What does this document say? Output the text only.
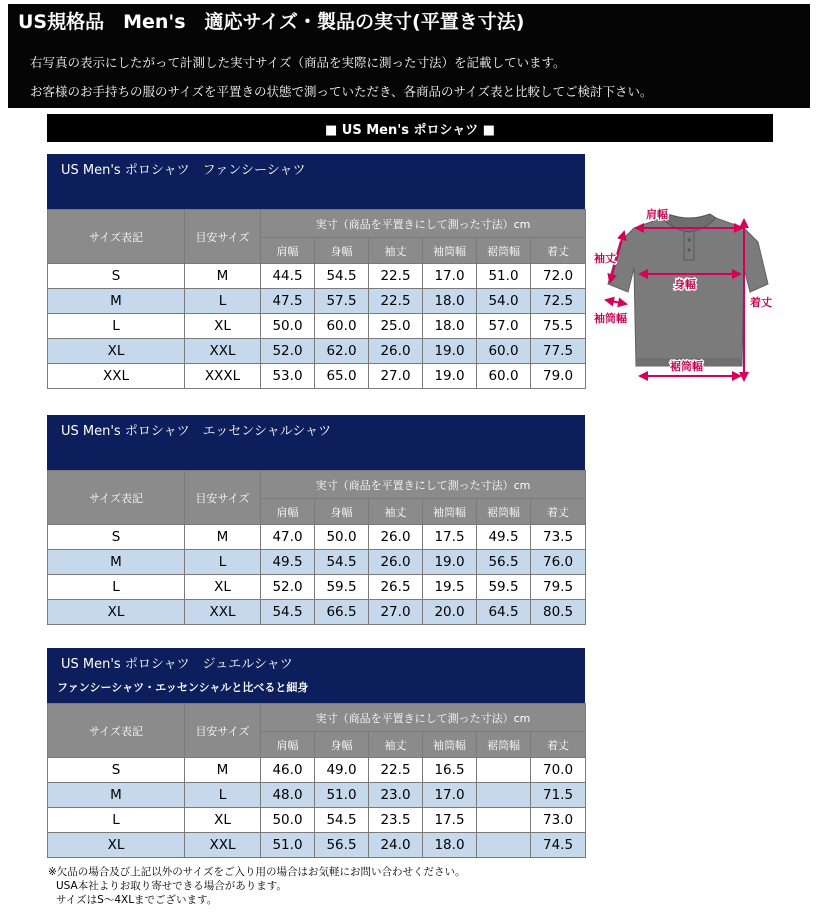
US規格品　Men's　適応サイズ・製品の実寸(平置き寸法)
右写真の表示にしたがって計測した実寸サイズ（商品を実際に測った寸法）を記載しています。
お客様のお手持ちの服のサイズを平置きの状態で測っていただき、各商品のサイズ表と比較してご検討下さい。
■ US Men's ポロシャツ ■
US Men's ポロシャツ　ファンシーシャツ
サイズ表記	目安サイズ	実寸（商品を平置きにして測った寸法）cm					
		肩幅	身幅	袖丈	袖筒幅	裾筒幅	着丈
S	M	44.5	54.5	22.5	17.0	51.0	72.0
M	L	47.5	57.5	22.5	18.0	54.0	72.5
L	XL	50.0	60.0	25.0	18.0	57.0	75.5
XL	XXL	52.0	62.0	26.0	19.0	60.0	77.5
XXL	XXXL	53.0	65.0	27.0	19.0	60.0	79.0
US Men's ポロシャツ　エッセンシャルシャツ
サイズ表記	目安サイズ	実寸（商品を平置きにして測った寸法）cm					
		肩幅	身幅	袖丈	袖筒幅	裾筒幅	着丈
S	M	47.0	50.0	26.0	17.5	49.5	73.5
M	L	49.5	54.5	26.0	19.0	56.5	76.0
L	XL	52.0	59.5	26.5	19.5	59.5	79.5
XL	XXL	54.5	66.5	27.0	20.0	64.5	80.5
US Men's ポロシャツ　ジュエルシャツ
ファンシーシャツ・エッセンシャルと比べると細身
サイズ表記	目安サイズ	実寸（商品を平置きにして測った寸法）cm					
		肩幅	身幅	袖丈	袖筒幅	裾筒幅	着丈
S	M	46.0	49.0	22.5	16.5		70.0
M	L	48.0	51.0	23.0	17.0		71.5
L	XL	50.0	54.5	23.5	17.5		73.0
XL	XXL	51.0	56.5	24.0	18.0		74.5
肩幅
袖丈
身幅
袖筒幅
着丈
裾筒幅
※欠品の場合及び上記以外のサイズをご入り用の場合はお気軽にお問い合わせください。
USA本社よりお取り寄せできる場合があります。
サイズはS～4XLまでございます。
